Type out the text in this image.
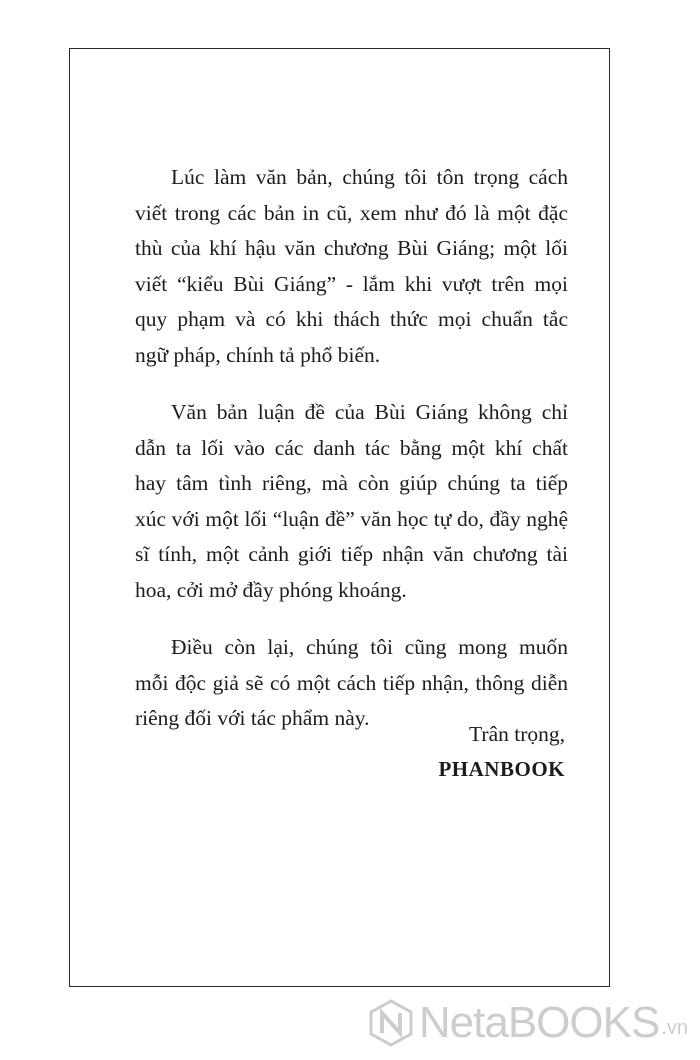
Lúc làm văn bản, chúng tôi tôn trọng cách
viết trong các bản in cũ, xem như đó là một đặc
thù của khí hậu văn chương Bùi Giáng; một lối
viết “kiểu Bùi Giáng” - lắm khi vượt trên mọi
quy phạm và có khi thách thức mọi chuẩn tắc
ngữ pháp, chính tả phổ biến.
Văn bản luận đề của Bùi Giáng không chỉ
dẫn ta lối vào các danh tác bằng một khí chất
hay tâm tình riêng, mà còn giúp chúng ta tiếp
xúc với một lối “luận đề” văn học tự do, đầy nghệ
sĩ tính, một cảnh giới tiếp nhận văn chương tài
hoa, cởi mở đầy phóng khoáng.
Điều còn lại, chúng tôi cũng mong muốn
mỗi độc giả sẽ có một cách tiếp nhận, thông diễn
riêng đối với tác phẩm này.
Trân trọng,
PHANBOOK
NetaBOOKS .vn
